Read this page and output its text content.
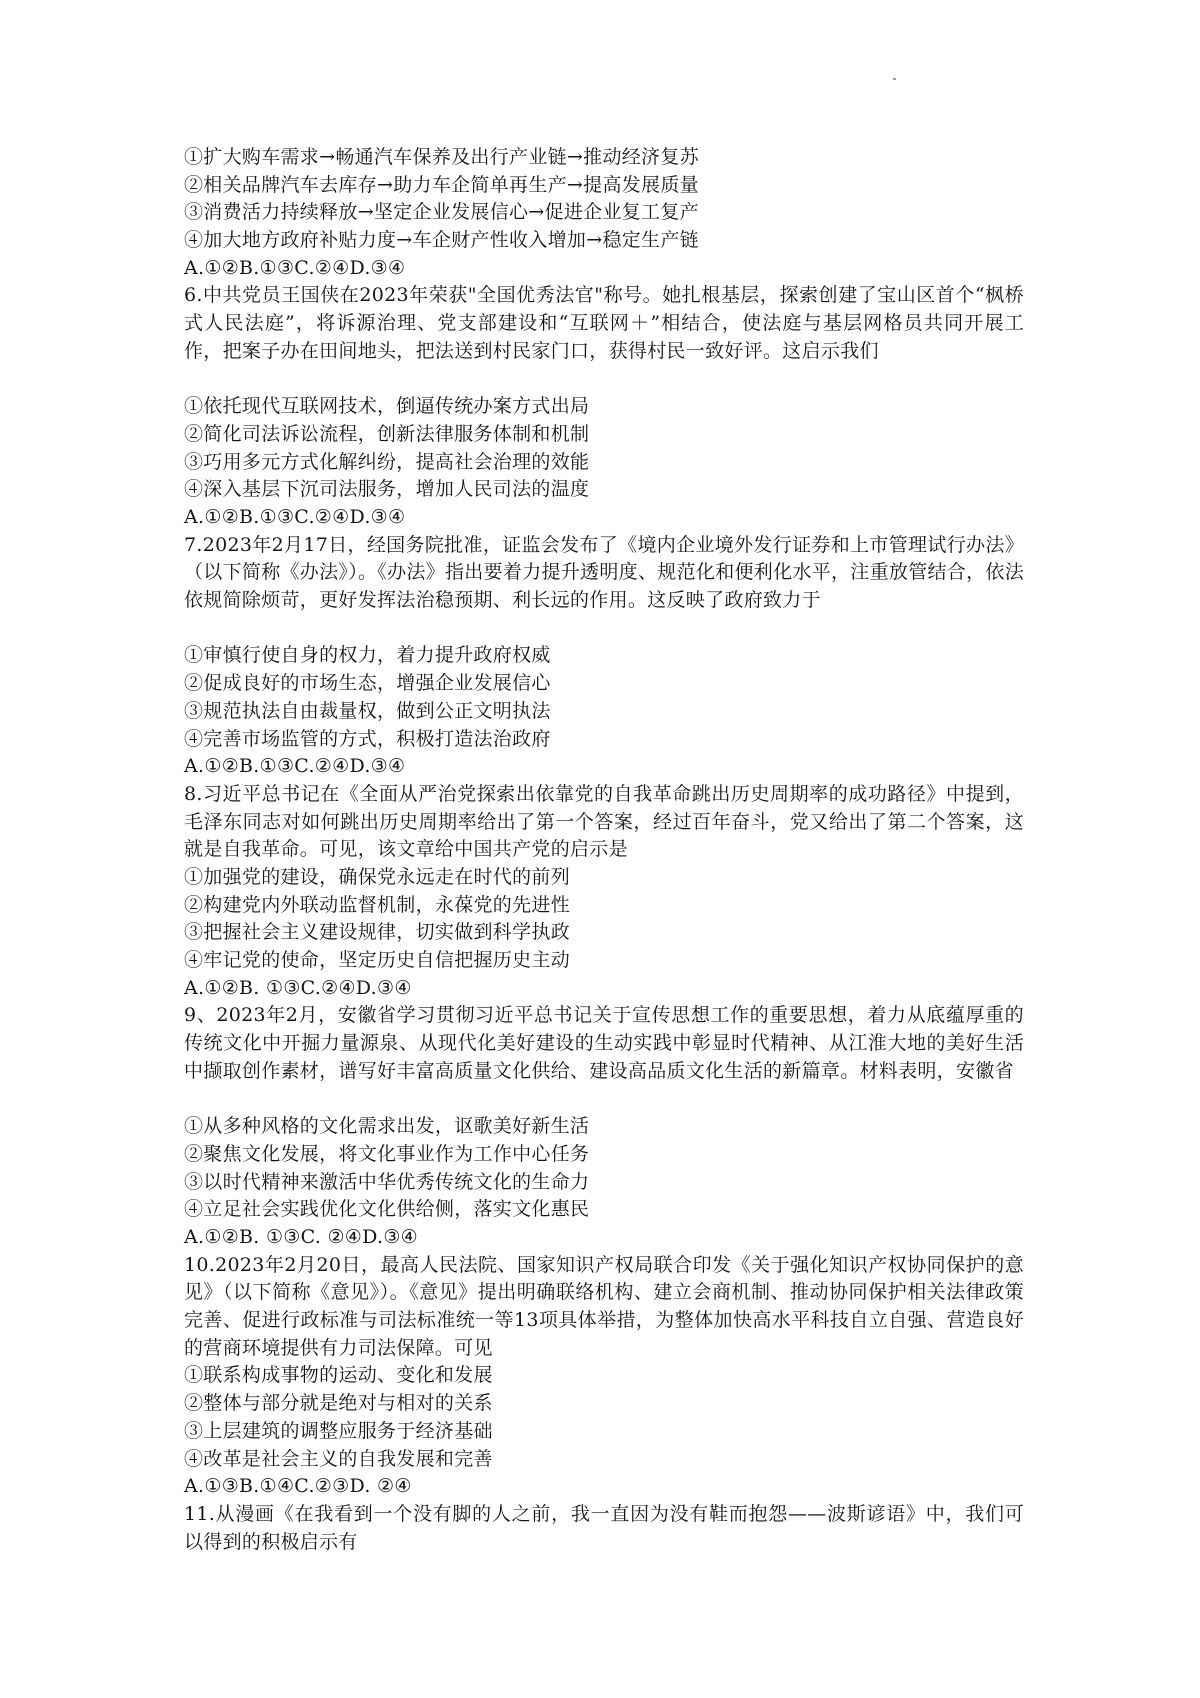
①扩大购车需求→畅通汽车保养及出行产业链→推动经济复苏
②相关品牌汽车去库存→助力车企简单再生产→提高发展质量
③消费活力持续释放→坚定企业发展信心→促进企业复工复产
④加大地方政府补贴力度→车企财产性收入增加→稳定生产链
A.①②B.①③C.②④D.③④
6.中共党员王国侠在2023年荣获"全国优秀法官"称号。她扎根基层，探索创建了宝山区首个“枫桥式人民法庭”，将诉源治理、党支部建设和“互联网＋”相结合，使法庭与基层网格员共同开展工作，把案子办在田间地头，把法送到村民家门口，获得村民一致好评。这启示我们
①依托现代互联网技术，倒逼传统办案方式出局
②简化司法诉讼流程，创新法律服务体制和机制
③巧用多元方式化解纠纷，提高社会治理的效能
④深入基层下沉司法服务，增加人民司法的温度
A.①②B.①③C.②④D.③④
7.2023年2月17日，经国务院批准，证监会发布了《境内企业境外发行证券和上市管理试行办法》（以下简称《办法》）。《办法》指出要着力提升透明度、规范化和便利化水平，注重放管结合，依法依规简除烦苛，更好发挥法治稳预期、利长远的作用。这反映了政府致力于
①审慎行使自身的权力，着力提升政府权威
②促成良好的市场生态，增强企业发展信心
③规范执法自由裁量权，做到公正文明执法
④完善市场监管的方式，积极打造法治政府
A.①②B.①③C.②④D.③④
8.习近平总书记在《全面从严治党探索出依靠党的自我革命跳出历史周期率的成功路径》中提到，毛泽东同志对如何跳出历史周期率给出了第一个答案，经过百年奋斗，党又给出了第二个答案，这就是自我革命。可见，该文章给中国共产党的启示是
①加强党的建设，确保党永远走在时代的前列
②构建党内外联动监督机制，永葆党的先进性
③把握社会主义建设规律，切实做到科学执政
④牢记党的使命，坚定历史自信把握历史主动
A.①②B. ①③C.②④D.③④
9、2023年2月，安徽省学习贯彻习近平总书记关于宣传思想工作的重要思想，着力从底蕴厚重的传统文化中开掘力量源泉、从现代化美好建设的生动实践中彰显时代精神、从江淮大地的美好生活中撷取创作素材，谱写好丰富高质量文化供给、建设高品质文化生活的新篇章。材料表明，安徽省
①从多种风格的文化需求出发，讴歌美好新生活
②聚焦文化发展，将文化事业作为工作中心任务
③以时代精神来激活中华优秀传统文化的生命力
④立足社会实践优化文化供给侧，落实文化惠民
A.①②B. ①③C. ②④D.③④
10.2023年2月20日，最高人民法院、国家知识产权局联合印发《关于强化知识产权协同保护的意见》（以下简称《意见》）。《意见》提出明确联络机构、建立会商机制、推动协同保护相关法律政策完善、促进行政标准与司法标准统一等13项具体举措，为整体加快高水平科技自立自强、营造良好的营商环境提供有力司法保障。可见
①联系构成事物的运动、变化和发展
②整体与部分就是绝对与相对的关系
③上层建筑的调整应服务于经济基础
④改革是社会主义的自我发展和完善
A.①③B.①④C.②③D. ②④
11.从漫画《在我看到一个没有脚的人之前，我一直因为没有鞋而抱怨——波斯谚语》中，我们可以得到的积极启示有
